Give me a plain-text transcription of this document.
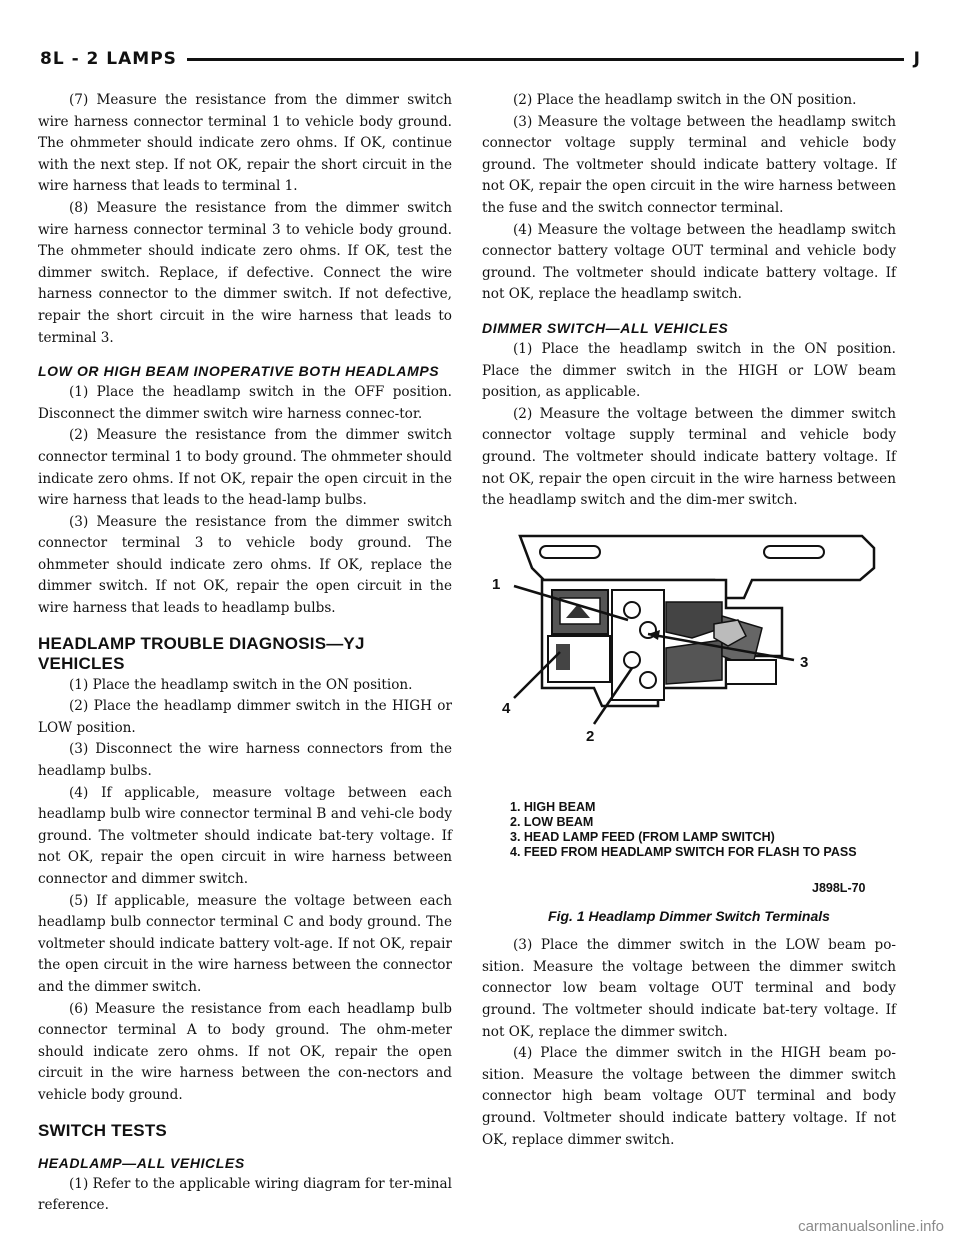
8L - 2 LAMPS	J

(7) Measure the resistance from the dimmer switch wire harness connector terminal 1 to vehicle body ground. The ohmmeter should indicate zero ohms. If OK, continue with the next step. If not OK, repair the short circuit in the wire harness that leads to terminal 1.

(8) Measure the resistance from the dimmer switch wire harness connector terminal 3 to vehicle body ground. The ohmmeter should indicate zero ohms. If OK, test the dimmer switch. Replace, if defective. Connect the wire harness connector to the dimmer switch. If not defective, repair the short circuit in the wire harness that leads to terminal 3.

LOW OR HIGH BEAM INOPERATIVE BOTH HEADLAMPS

(1) Place the headlamp switch in the OFF position. Disconnect the dimmer switch wire harness connec-tor.

(2) Measure the resistance from the dimmer switch connector terminal 1 to body ground. The ohmmeter should indicate zero ohms. If not OK, repair the open circuit in the wire harness that leads to the head-lamp bulbs.

(3) Measure the resistance from the dimmer switch connector terminal 3 to vehicle body ground. The ohmmeter should indicate zero ohms. If OK, replace the dimmer switch. If not OK, repair the open circuit in the wire harness that leads to headlamp bulbs.

HEADLAMP TROUBLE DIAGNOSIS—YJ VEHICLES

(1) Place the headlamp switch in the ON position.

(2) Place the headlamp dimmer switch in the HIGH or LOW position.

(3) Disconnect the wire harness connectors from the headlamp bulbs.

(4) If applicable, measure voltage between each headlamp bulb wire connector terminal B and vehi-cle body ground. The voltmeter should indicate bat-tery voltage. If not OK, repair the open circuit in wire harness between connector and dimmer switch.

(5) If applicable, measure the voltage between each headlamp bulb connector terminal C and body ground. The voltmeter should indicate battery volt-age. If not OK, repair the open circuit in the wire harness between the connector and the dimmer switch.

(6) Measure the resistance from each headlamp bulb connector terminal A to body ground. The ohm-meter should indicate zero ohms. If not OK, repair the open circuit in the wire harness between the con-nectors and vehicle body ground.

SWITCH TESTS
HEADLAMP—ALL VEHICLES

(1) Refer to the applicable wiring diagram for ter-minal reference.

(2) Place the headlamp switch in the ON position.

(3) Measure the voltage between the headlamp switch connector voltage supply terminal and vehicle body ground. The voltmeter should indicate battery voltage. If not OK, repair the open circuit in the wire harness between the fuse and the switch connector terminal.

(4) Measure the voltage between the headlamp switch connector battery voltage OUT terminal and vehicle body ground. The voltmeter should indicate battery voltage. If not OK, replace the headlamp switch.

DIMMER SWITCH—ALL VEHICLES

(1) Place the headlamp switch in the ON position. Place the dimmer switch in the HIGH or LOW beam position, as applicable.

(2) Measure the voltage between the dimmer switch connector voltage supply terminal and vehicle body ground. The voltmeter should indicate battery voltage. If not OK, repair the open circuit in the wire harness between the headlamp switch and the dim-mer switch.

1
2
3
4
1. HIGH BEAM
2. LOW BEAM
3. HEAD LAMP FEED (FROM LAMP SWITCH)
4. FEED FROM HEADLAMP SWITCH FOR FLASH TO PASS
J898L-70
Fig. 1 Headlamp Dimmer Switch Terminals

(3) Place the dimmer switch in the LOW beam po-sition. Measure the voltage between the dimmer switch connector low beam voltage OUT terminal and body ground. The voltmeter should indicate bat-tery voltage. If not OK, replace the dimmer switch.

(4) Place the dimmer switch in the HIGH beam po-sition. Measure the voltage between the dimmer switch connector high beam voltage OUT terminal and body ground. Voltmeter should indicate battery voltage. If not OK, replace dimmer switch.

carmanualsonline.info
